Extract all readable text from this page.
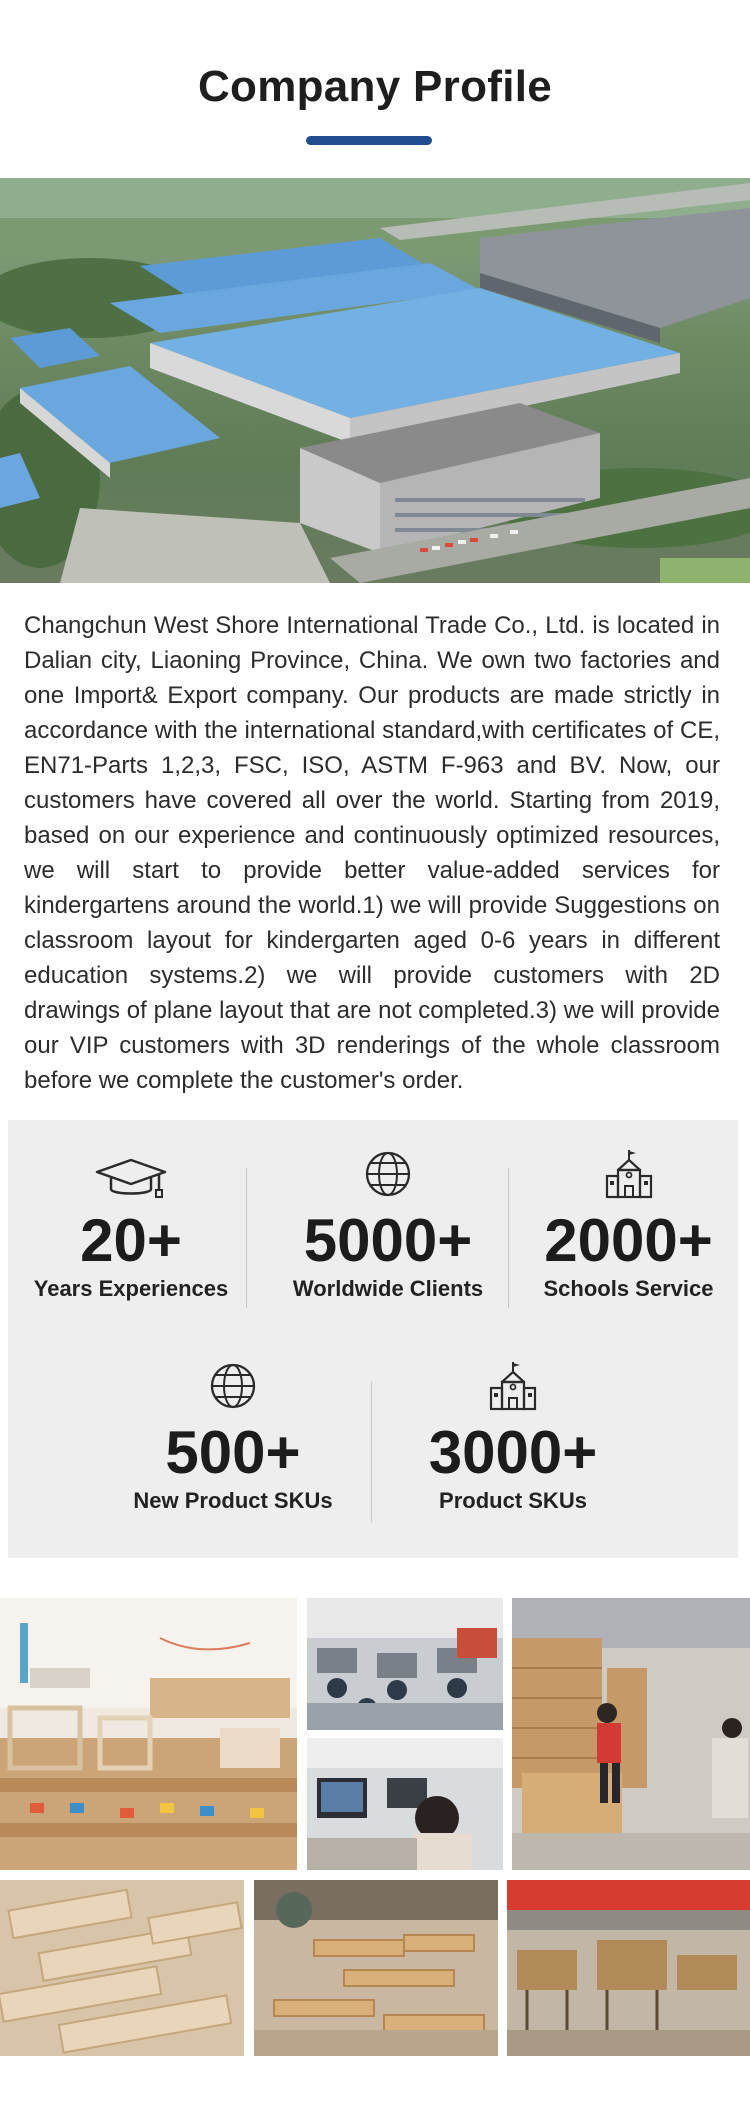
Company Profile

Changchun West Shore International Trade Co., Ltd. is located in Dalian city, Liaoning Province, China. We own two factories and one Import& Export company. Our products are made strictly in accordance with the international standard,with certificates of CE, EN71-Parts 1,2,3, FSC, ISO, ASTM F-963 and BV. Now, our customers have covered all over the world. Starting from 2019, based on our experience and continuously optimized resources, we will start to provide better value-added services for kindergartens around the world.1) we will provide Suggestions on classroom layout for kindergarten aged 0-6 years in different education systems.2) we will provide customers with 2D drawings of plane layout that are not completed.3) we will provide our VIP customers with 3D renderings of the whole classroom before we complete the customer's order.

20+
Years Experiences
5000+
Worldwide Clients
2000+
Schools Service
500+
New Product SKUs
3000+
Product SKUs
